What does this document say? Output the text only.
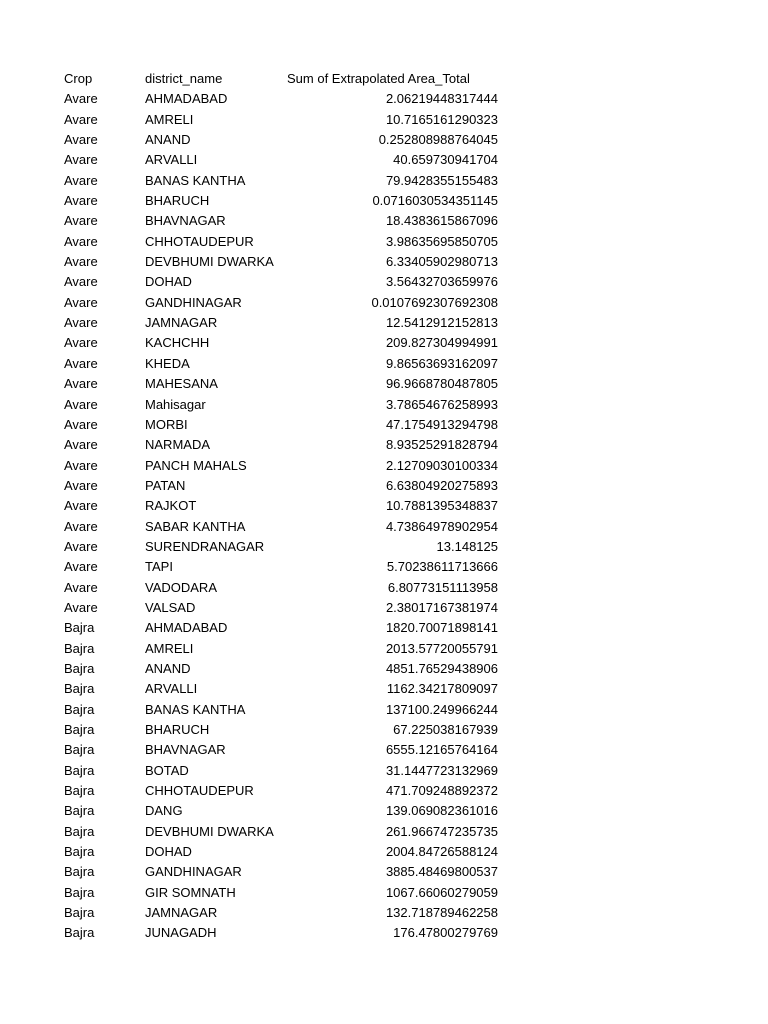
Crop	district_name	Sum of Extrapolated Area_Total
Avare	AHMADABAD	2.06219448317444
Avare	AMRELI	10.7165161290323
Avare	ANAND	0.252808988764045
Avare	ARVALLI	40.659730941704
Avare	BANAS KANTHA	79.9428355155483
Avare	BHARUCH	0.0716030534351145
Avare	BHAVNAGAR	18.4383615867096
Avare	CHHOTAUDEPUR	3.98635695850705
Avare	DEVBHUMI DWARKA	6.33405902980713
Avare	DOHAD	3.56432703659976
Avare	GANDHINAGAR	0.0107692307692308
Avare	JAMNAGAR	12.5412912152813
Avare	KACHCHH	209.827304994991
Avare	KHEDA	9.86563693162097
Avare	MAHESANA	96.9668780487805
Avare	Mahisagar	3.78654676258993
Avare	MORBI	47.1754913294798
Avare	NARMADA	8.93525291828794
Avare	PANCH MAHALS	2.12709030100334
Avare	PATAN	6.63804920275893
Avare	RAJKOT	10.7881395348837
Avare	SABAR KANTHA	4.73864978902954
Avare	SURENDRANAGAR	13.148125
Avare	TAPI	5.70238611713666
Avare	VADODARA	6.80773151113958
Avare	VALSAD	2.38017167381974
Bajra	AHMADABAD	1820.70071898141
Bajra	AMRELI	2013.57720055791
Bajra	ANAND	4851.76529438906
Bajra	ARVALLI	1162.34217809097
Bajra	BANAS KANTHA	137100.249966244
Bajra	BHARUCH	67.225038167939
Bajra	BHAVNAGAR	6555.12165764164
Bajra	BOTAD	31.1447723132969
Bajra	CHHOTAUDEPUR	471.709248892372
Bajra	DANG	139.069082361016
Bajra	DEVBHUMI DWARKA	261.966747235735
Bajra	DOHAD	2004.84726588124
Bajra	GANDHINAGAR	3885.48469800537
Bajra	GIR SOMNATH	1067.66060279059
Bajra	JAMNAGAR	132.718789462258
Bajra	JUNAGADH	176.47800279769
